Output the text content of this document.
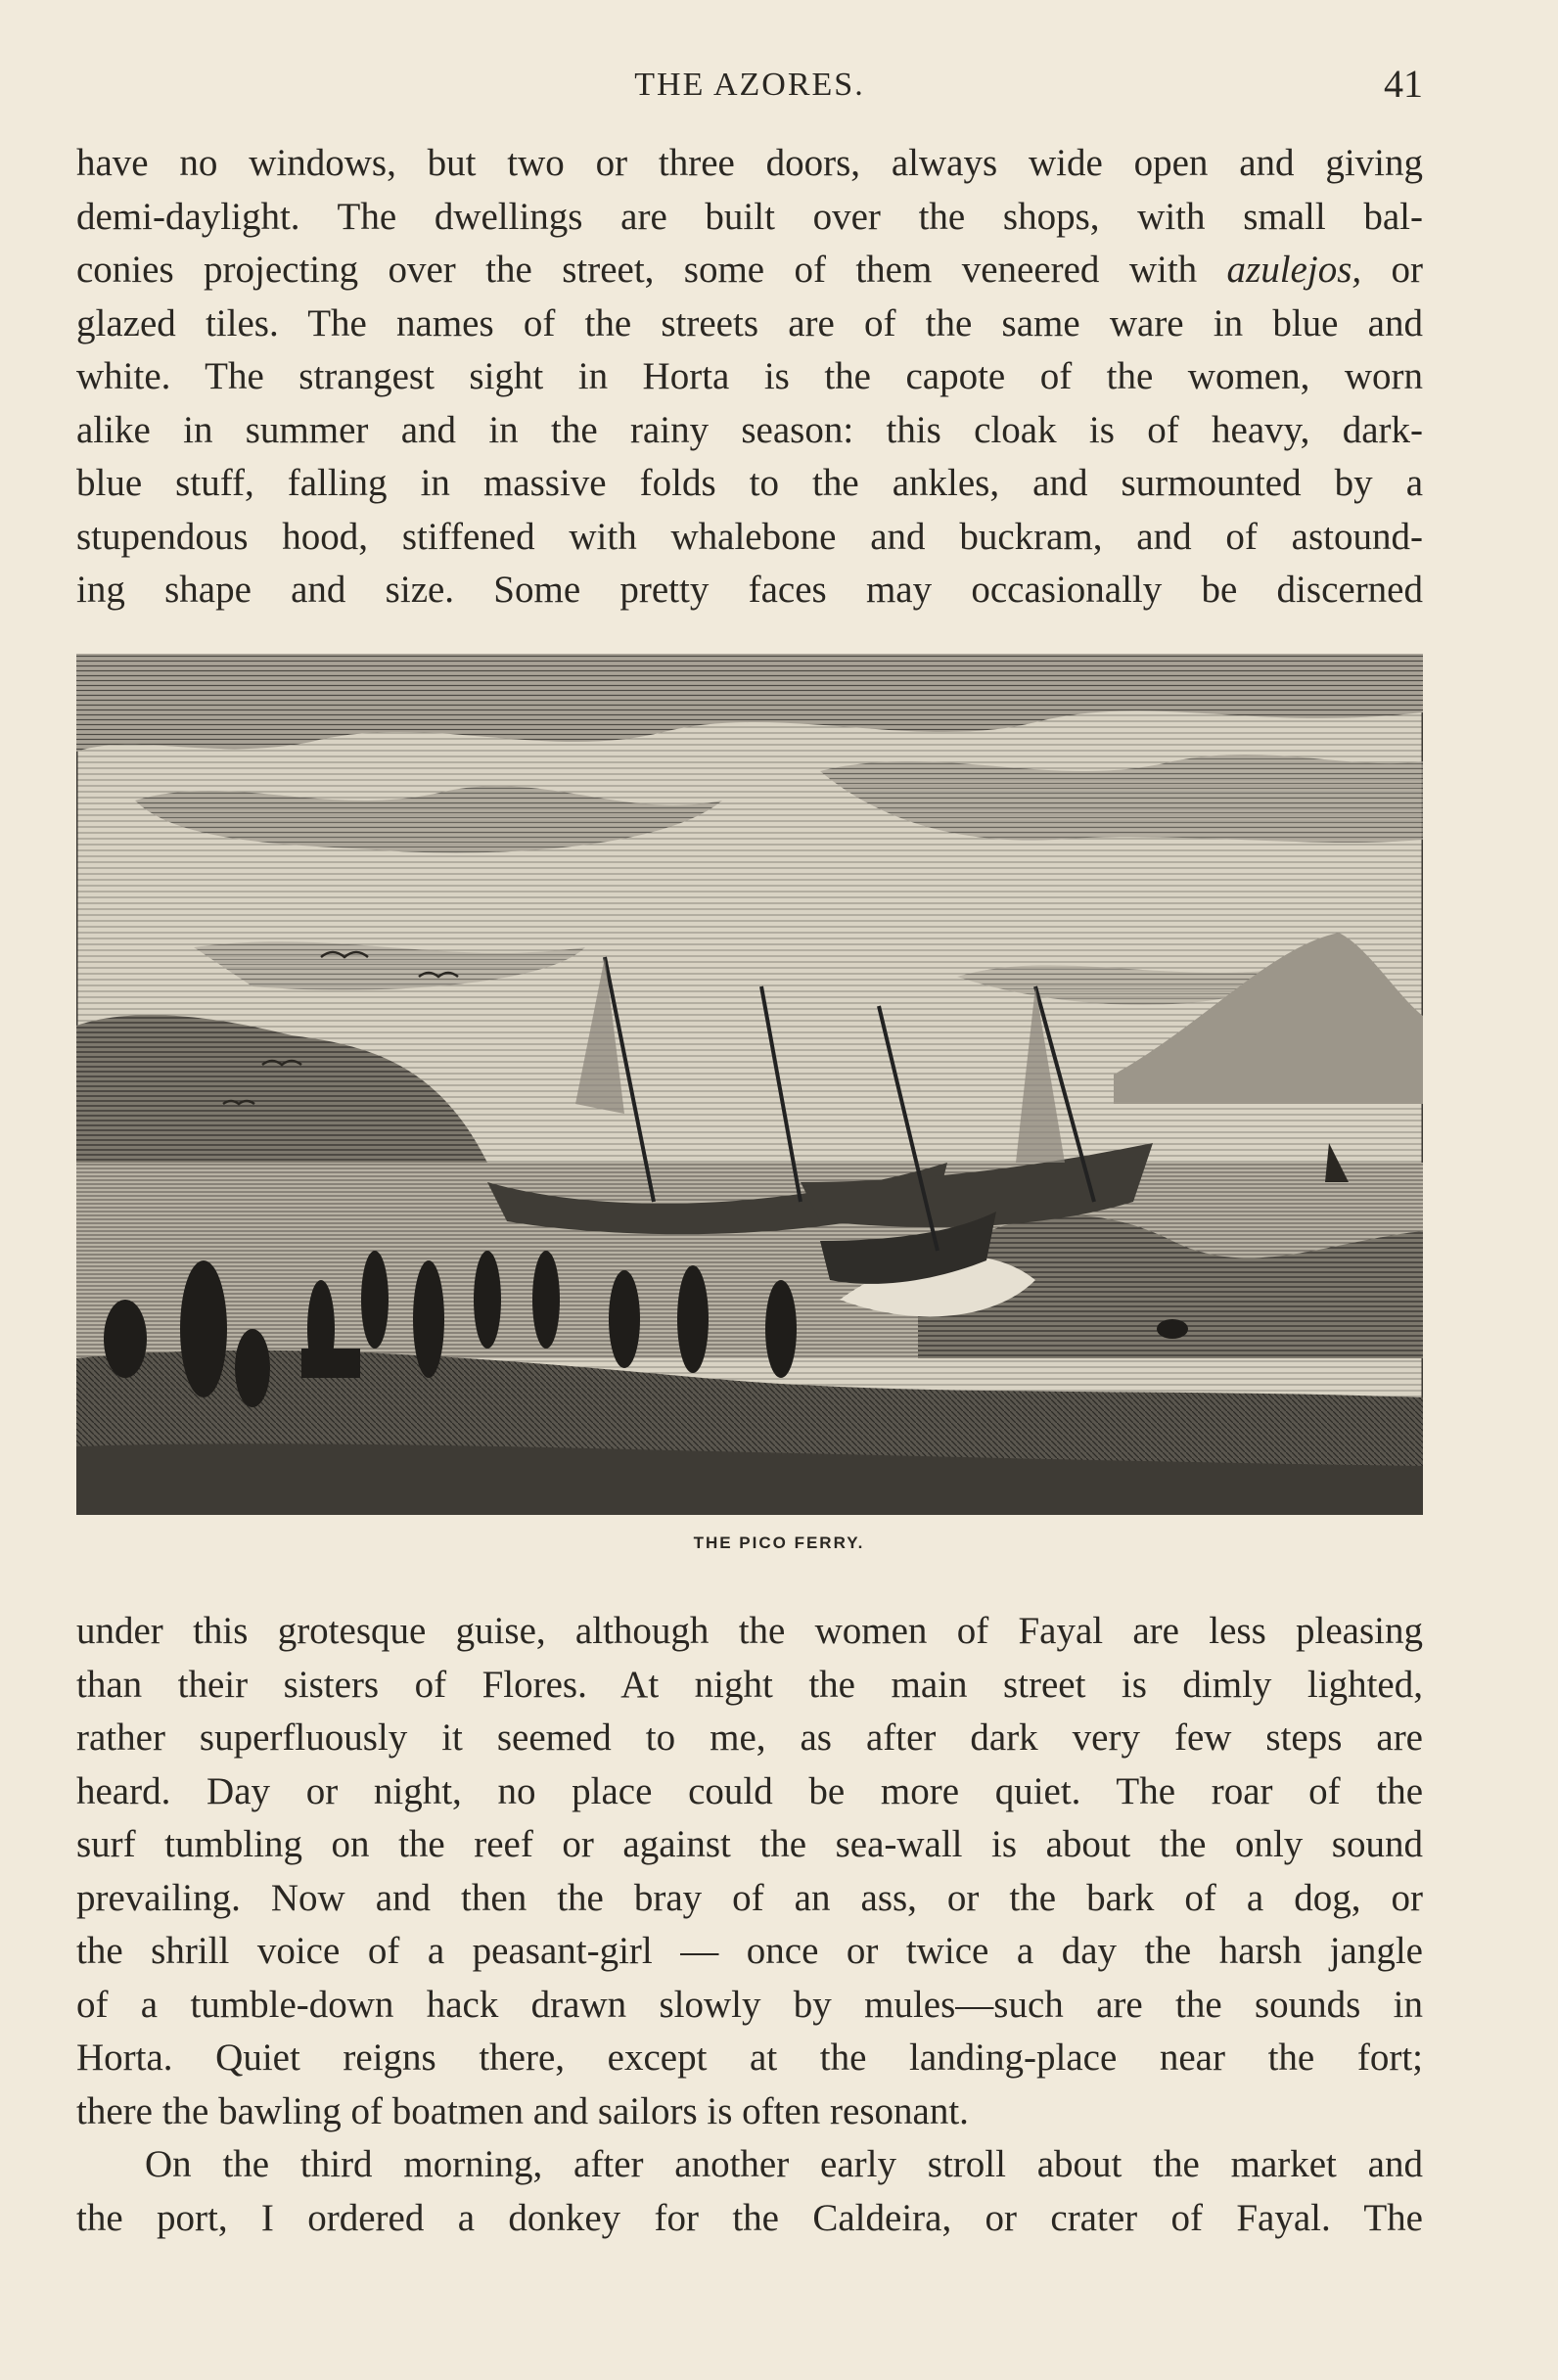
THE AZORES.	41
have no windows, but two or three doors, always wide open and giving
demi-daylight. The dwellings are built over the shops, with small bal-
conies projecting over the street, some of them veneered with azulejos, or
glazed tiles. The names of the streets are of the same ware in blue and
white. The strangest sight in Horta is the capote of the women, worn
alike in summer and in the rainy season: this cloak is of heavy, dark-
blue stuff, falling in massive folds to the ankles, and surmounted by a
stupendous hood, stiffened with whalebone and buckram, and of astound-
ing shape and size. Some pretty faces may occasionally be discerned
THE PICO FERRY.
under this grotesque guise, although the women of Fayal are less pleasing
than their sisters of Flores. At night the main street is dimly lighted,
rather superfluously it seemed to me, as after dark very few steps are
heard. Day or night, no place could be more quiet. The roar of the
surf tumbling on the reef or against the sea-wall is about the only sound
prevailing. Now and then the bray of an ass, or the bark of a dog, or
the shrill voice of a peasant-girl — once or twice a day the harsh jangle
of a tumble-down hack drawn slowly by mules—such are the sounds in
Horta. Quiet reigns there, except at the landing-place near the fort;
there the bawling of boatmen and sailors is often resonant.
On the third morning, after another early stroll about the market and
the port, I ordered a donkey for the Caldeira, or crater of Fayal. The
